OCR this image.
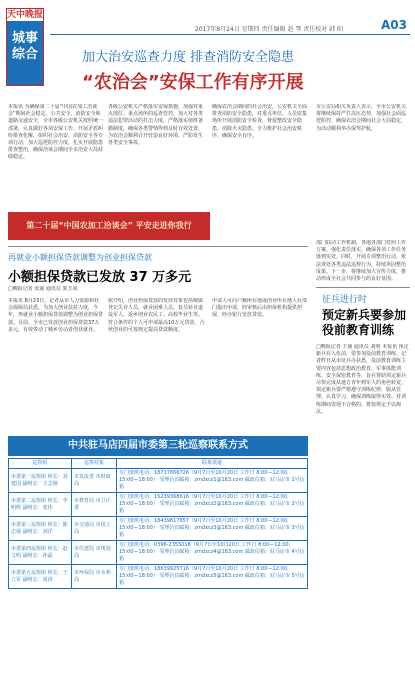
天中晚报
城事
综合
2017年8月24日 星期四 责任编辑 赵 琴 责任校对 韩 阳	A03
加大治安巡查力度 排查消防安全隐患
“农治会”安保工作有序开展
本报讯 为确保第二十届“中国农加工洽谈会”期间社会稳定、公共安全、消防安全和道路交通安全，全市各级公安机关按照统一部署，认真做好各项安保工作。开展矛盾纠纷排查化解，组织社会治安、消防安全等专项行动，加大巡逻防控力度，扎实开展隐患排查整治，确保洽谈会期间全市治安大局持续稳定。
各级公安机关严格落实安保措施，加强对重点部位、重点场所的巡查管控，加大对各类违法犯罪活动的打击力度，严格落实值班备勤制度，确保各类警情得到及时有效处置，为农洽会顺利召开营造良好环境。严防发生各类安全事故。
确保农洽会期间的社会治安，公安机关全面排查消防安全隐患，对重点单位、人员密集场所开展消防安全检查，督促整改安全隐患，消除火灾隐患。全力维护社会治安秩序，确保安全有序。
市公安局相关负责人表示，全市公安机关将继续保持严打高压态势，加强社会面巡逻防控，确保农洽会期间社会大局稳定，为活动顺利举办保驾护航。
第二十届“中国农加工洽谈会” 平安走进你我行
再就业小额担保贷款调整为创业担保贷款
小额担保贷款已发放 37 万多元
□晚报记者 张丽 通讯员 郭玉成
本报讯 8月23日，记者从市人力资源和社会保障局获悉，为加大创业扶持力度，今年，再就业小额担保贷款调整为创业担保贷款。目前，全市已发放创业担保贷款37万多元，有效带动了城乡劳动者创业就业。
据介绍，创业担保贷款的发放对象包括城镇登记失业人员、就业困难人员、复员转业退役军人、返乡创业农民工、高校毕业生等。符合条件的个人可申请最高10万元贷款，合伙创业的可按规定提高贷款额度。
申请人可向户籍所在地或创业所在地人社部门提出申请，经审核后由担保机构提供担保，经办银行发放贷款。
部门联动工作机制，各地各部门对照工作方案，强化责任落实，确保各项工作任务落到实处。同时，开展专项整治行动，依法查处各类违法违规行为，持续巩固整治成果。下一步，将继续加大宣传力度，推动形成全社会共同参与的良好氛围。
征兵进行时
预定新兵要参加役前教育训练
□晚报记者 王丽 通讯员 刘明 本报讯 预定新兵在入伍前，要参加役前教育训练。记者昨日从市征兵办获悉，役前教育训练主要内容包括思想政治教育、军事体能训练、安全保密教育等，旨在帮助预定新兵尽快完成从地方青年到军人的角色转变。预定新兵要严格遵守训练纪律，服从管理，认真学习，确保训练取得实效。对训练期间表现不合格的，将按规定予以淘汰。
中共驻马店四届市委第三轮巡察联系方式
巡察组	巡察对象	联系渠道
市委第一巡察组 组长：刘建国 副组长：王志刚	市发改委 市财政局	专门值班电话：18717866726（9月7日至10月20日 工作日 8:00—12:00，15:00—18:00） 受理信访邮箱：zmdxcz1@163.com 邮政信箱：驻马店市 1号信箱
市委第二巡察组 组长：李明辉 副组长：张伟	市教育局 市卫计委	专门值班电话：15239368616（9月7日至10月20日 工作日 8:00—12:00，15:00—18:00） 受理信访邮箱：zmdxcz2@163.com 邮政信箱：驻马店市 2号信箱
市委第三巡察组 组长：陈志强 副组长：刘洋	市交通局 市国土局	专门值班电话：18439817657（9月7日至10月20日 工作日 8:00—12:00，15:00—18:00） 受理信访邮箱：zmdxcz3@163.com 邮政信箱：驻马店市 3号信箱
市委第四巡察组 组长：赵文明 副组长：孙磊	市住建局 市规划局	专门值班电话：0396-2355018（9月7日至10月20日 工作日 8:00—12:00，15:00—18:00） 受理信访邮箱：zmdxcz4@163.com 邮政信箱：驻马店市 4号信箱
市委第五巡察组 组长：王立军 副组长：周涛	市环保局 市水利局	专门值班电话：18639925716（9月7日至10月20日 工作日 8:00—12:00，15:00—18:00） 受理信访邮箱：zmdxcz5@163.com 邮政信箱：驻马店市 5号信箱
